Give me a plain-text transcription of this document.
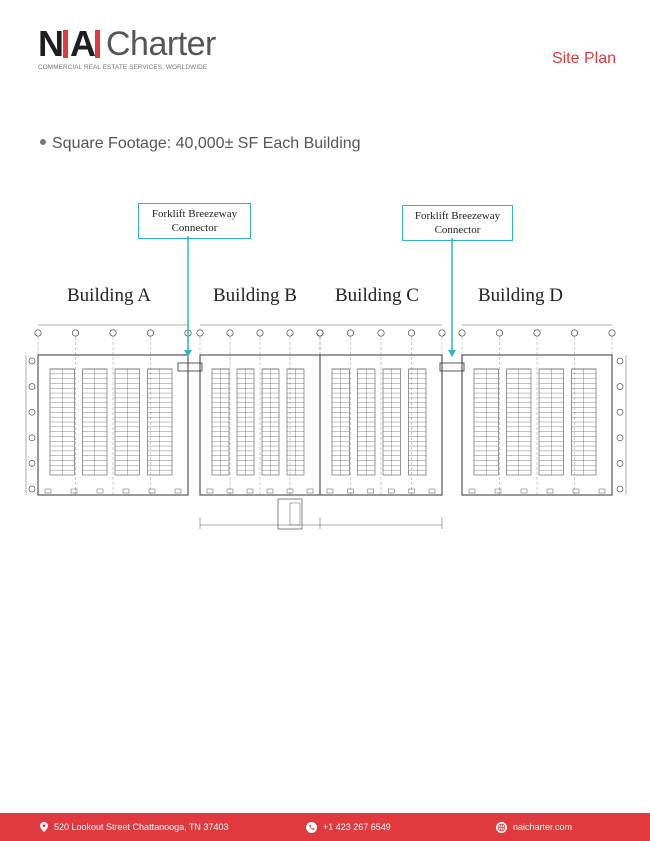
N A Charter
COMMERCIAL REAL ESTATE SERVICES, WORLDWIDE
Site Plan
Square Footage: 40,000± SF Each Building
Forklift Breezeway
Connector
Forklift Breezeway
Connector
Building A	Building B Building C	Building D
520 Lookout Street Chattanooga, TN 37403	+1 423 267 6549	naicharter.com
